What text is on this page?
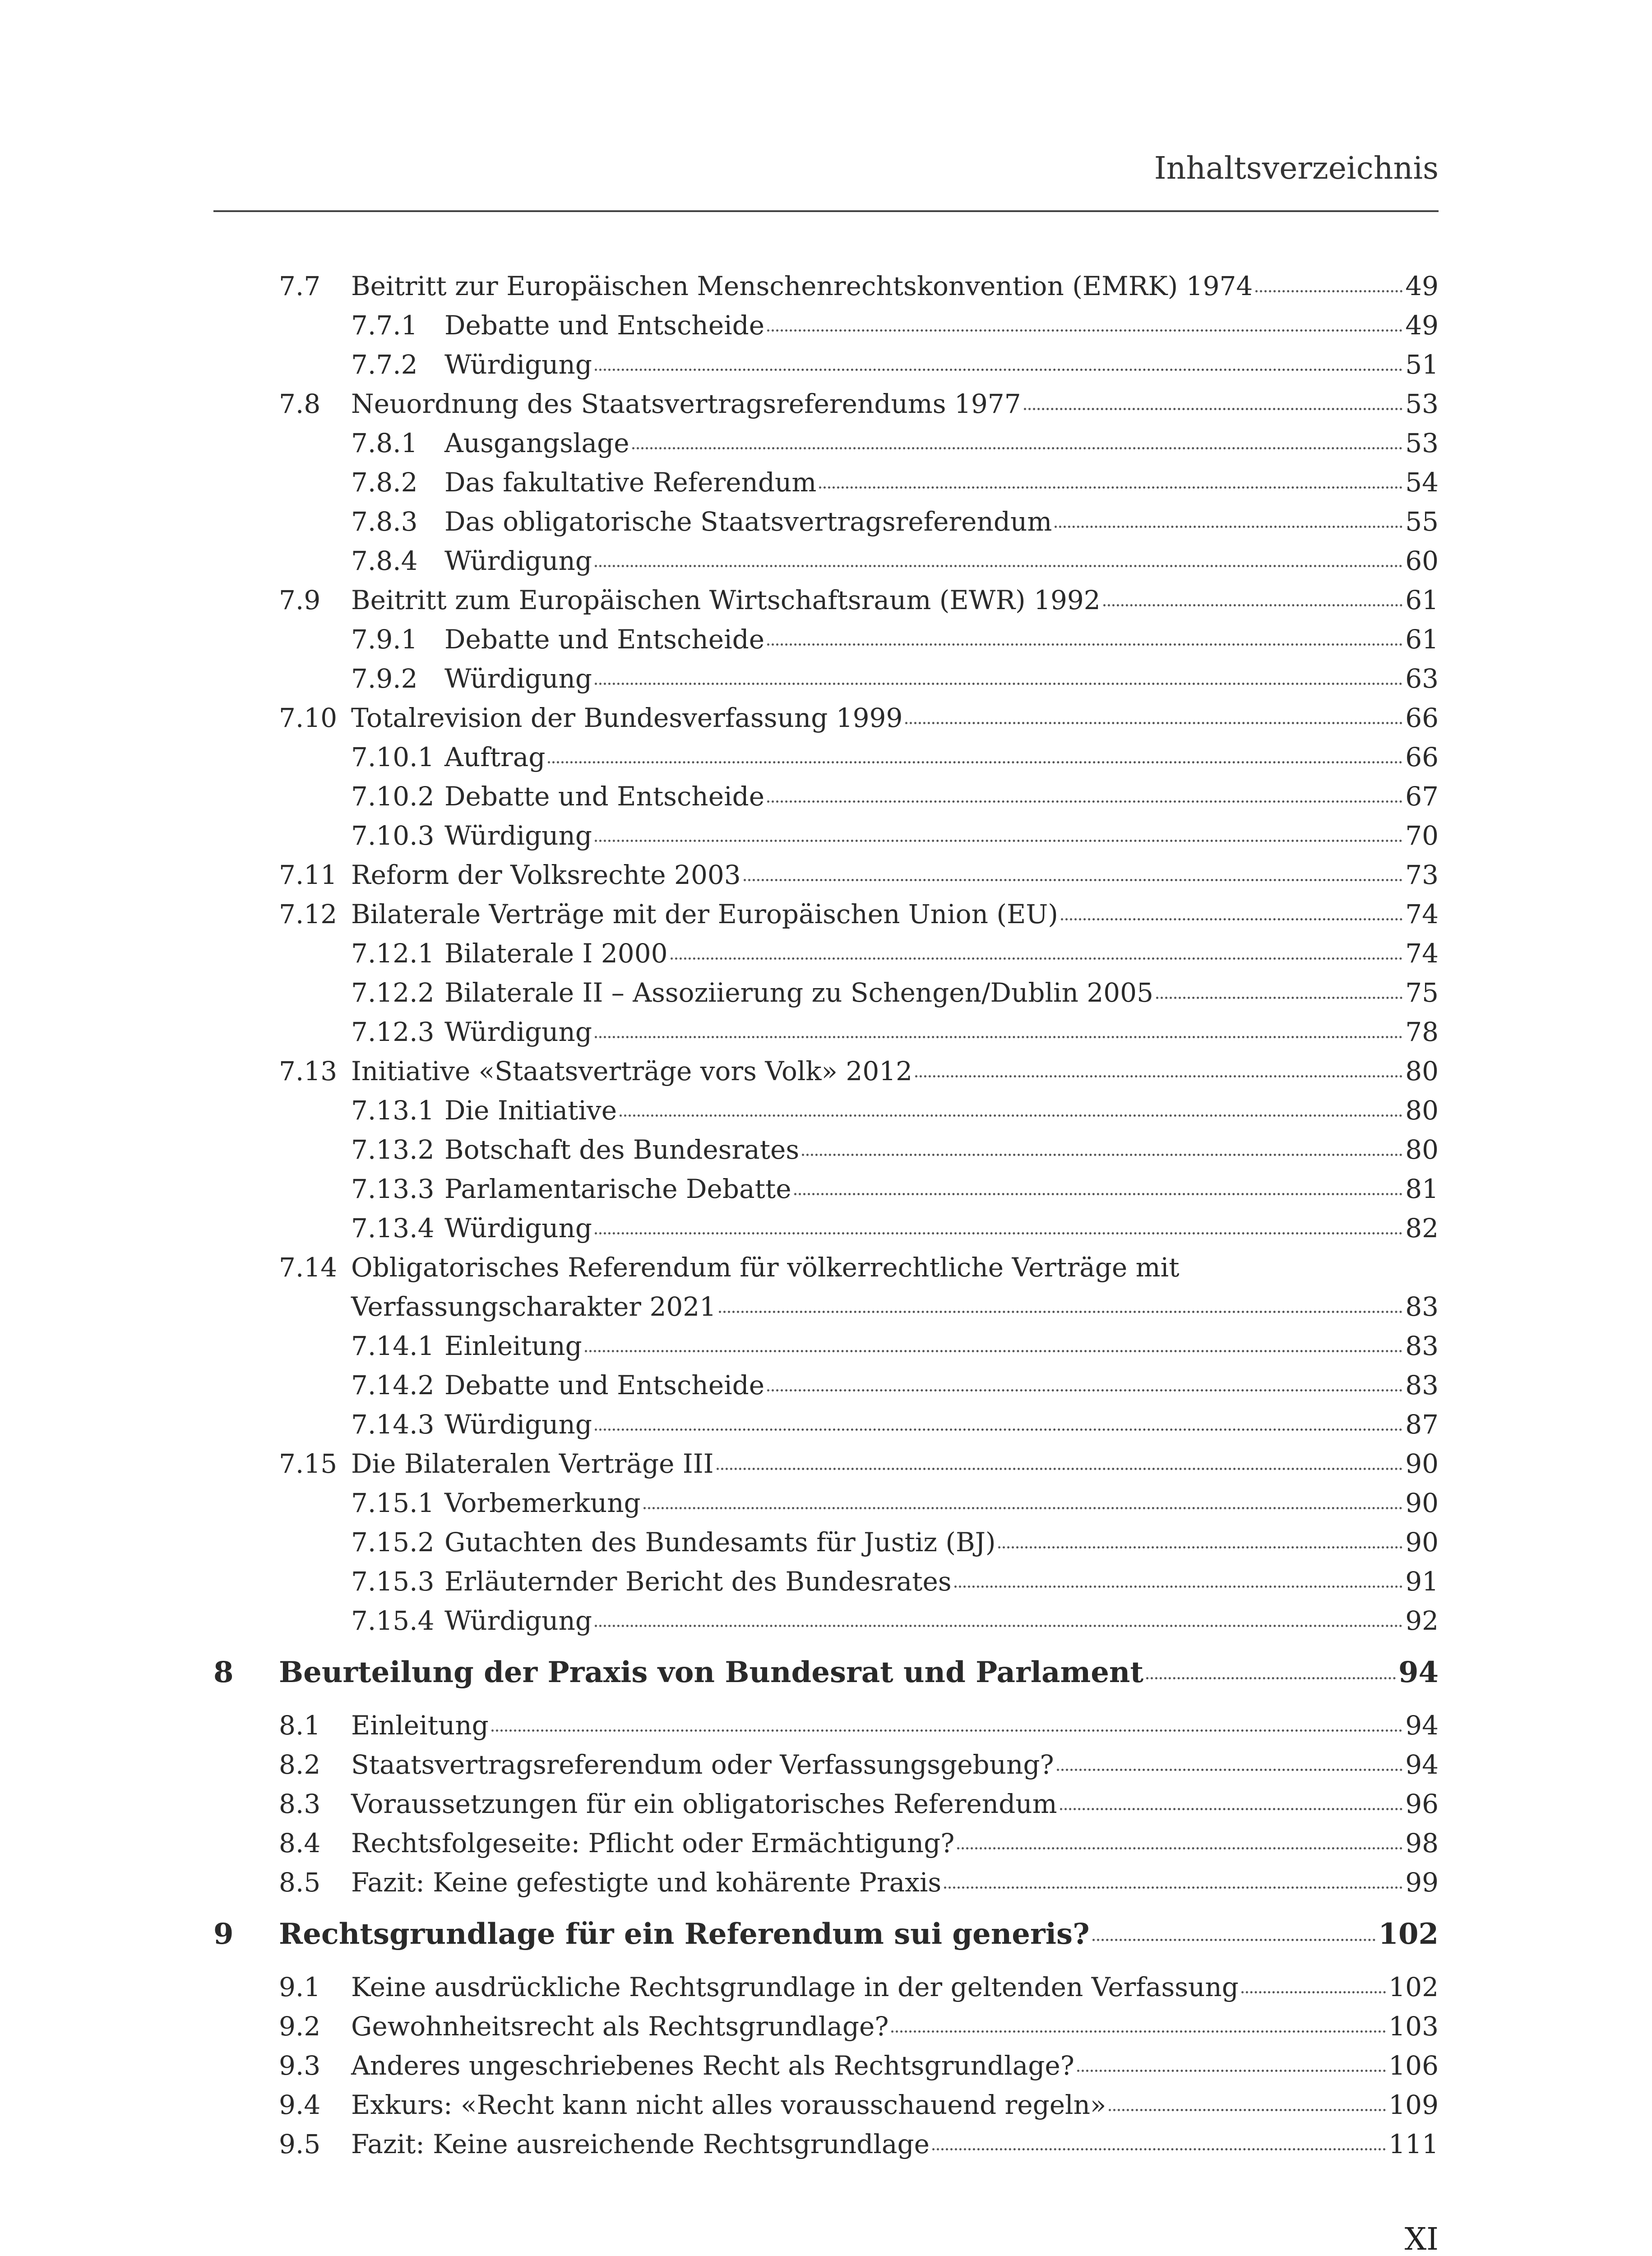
Inhaltsverzeichnis
7.7	Beitritt zur Europäischen Menschenrechtskonvention (EMRK) 1974	49
7.7.1	Debatte und Entscheide	49
7.7.2	Würdigung	51
7.8	Neuordnung des Staatsvertragsreferendums 1977	53
7.8.1	Ausgangslage	53
7.8.2	Das fakultative Referendum	54
7.8.3	Das obligatorische Staatsvertragsreferendum	55
7.8.4	Würdigung	60
7.9	Beitritt zum Europäischen Wirtschaftsraum (EWR) 1992	61
7.9.1	Debatte und Entscheide	61
7.9.2	Würdigung	63
7.10 Totalrevision der Bundesverfassung 1999	66
7.10.1 Auftrag	66
7.10.2 Debatte und Entscheide	67
7.10.3 Würdigung	70
7.11 Reform der Volksrechte 2003	73
7.12 Bilaterale Verträge mit der Europäischen Union (EU)	74
7.12.1 Bilaterale I 2000	74
7.12.2 Bilaterale II – Assoziierung zu Schengen/Dublin 2005	75
7.12.3 Würdigung	78
7.13 Initiative «Staatsverträge vors Volk» 2012	80
7.13.1 Die Initiative	80
7.13.2 Botschaft des Bundesrates	80
7.13.3 Parlamentarische Debatte	81
7.13.4 Würdigung	82
7.14 Obligatorisches Referendum für völkerrechtliche Verträge mit
Verfassungscharakter 2021	83
7.14.1 Einleitung	83
7.14.2 Debatte und Entscheide	83
7.14.3 Würdigung	87
7.15 Die Bilateralen Verträge III	90
7.15.1 Vorbemerkung	90
7.15.2 Gutachten des Bundesamts für Justiz (BJ)	90
7.15.3 Erläuternder Bericht des Bundesrates	91
7.15.4 Würdigung	92
8	Beurteilung der Praxis von Bundesrat und Parlament	94
8.1	Einleitung	94
8.2	Staatsvertragsreferendum oder Verfassungsgebung?	94
8.3	Voraussetzungen für ein obligatorisches Referendum	96
8.4	Rechtsfolgeseite: Pflicht oder Ermächtigung?	98
8.5	Fazit: Keine gefestigte und kohärente Praxis	99
9	Rechtsgrundlage für ein Referendum sui generis?	102
9.1	Keine ausdrückliche Rechtsgrundlage in der geltenden Verfassung	102
9.2	Gewohnheitsrecht als Rechtsgrundlage?	103
9.3	Anderes ungeschriebenes Recht als Rechtsgrundlage?	106
9.4	Exkurs: «Recht kann nicht alles vorausschauend regeln»	109
9.5	Fazit: Keine ausreichende Rechtsgrundlage	111
XI
